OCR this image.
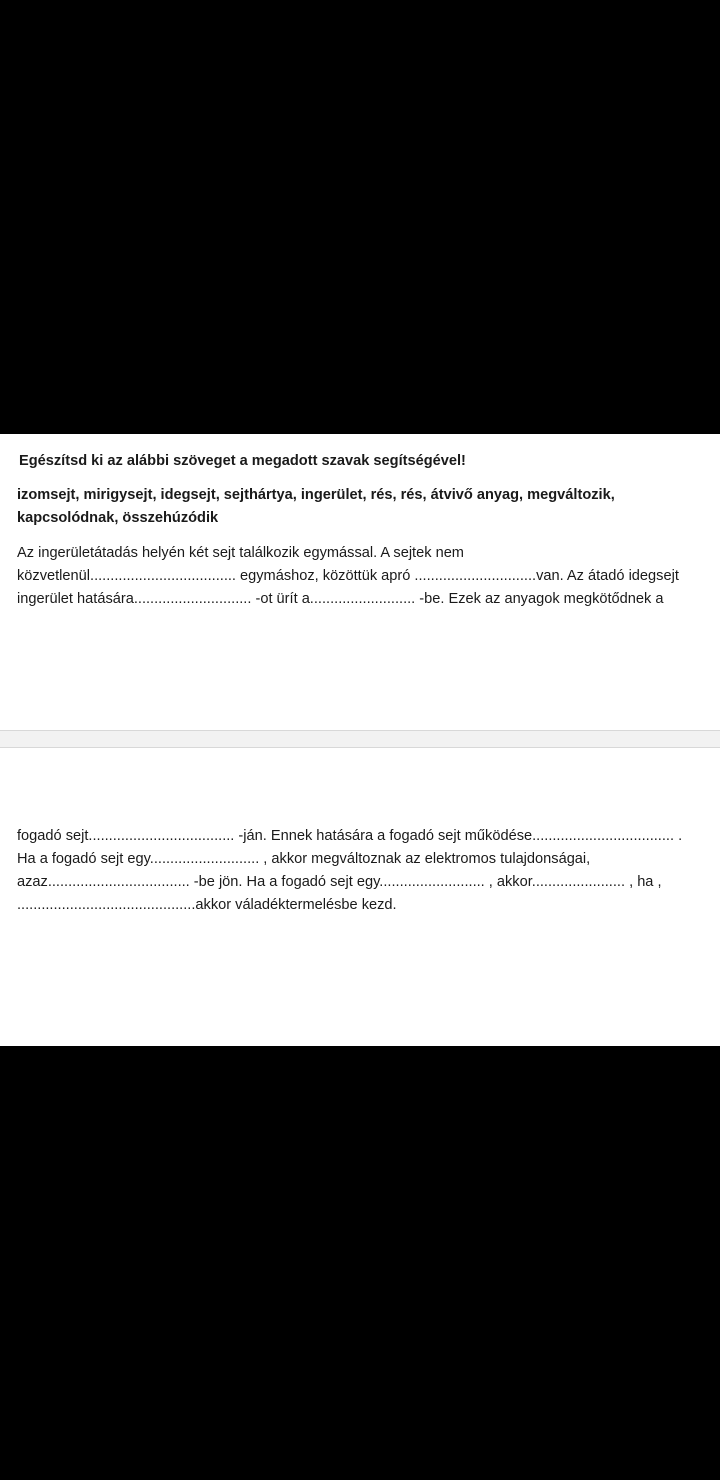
Egészítsd ki az alábbi szöveget a megadott szavak segítségével!

izomsejt, mirigysejt, idegsejt, sejthártya, ingerület, rés, rés, átvivő anyag, megváltozik,

kapcsolódnak, összehúzódik

Az ingerületátadás helyén két sejt találkozik egymással. A sejtek nem

közvetlenül.................................... egymáshoz, közöttük apró ..............................van. Az átadó idegsejt

ingerület hatására............................. -ot ürít a.......................... -be. Ezek az anyagok megkötődnek a

fogadó sejt.................................... -ján. Ennek hatására a fogadó sejt működése................................... .

Ha a fogadó sejt egy........................... , akkor megváltoznak az elektromos tulajdonságai,

azaz................................... -be jön. Ha a fogadó sejt egy.......................... , akkor....................... , ha ,

............................................akkor váladéktermelésbe kezd.
